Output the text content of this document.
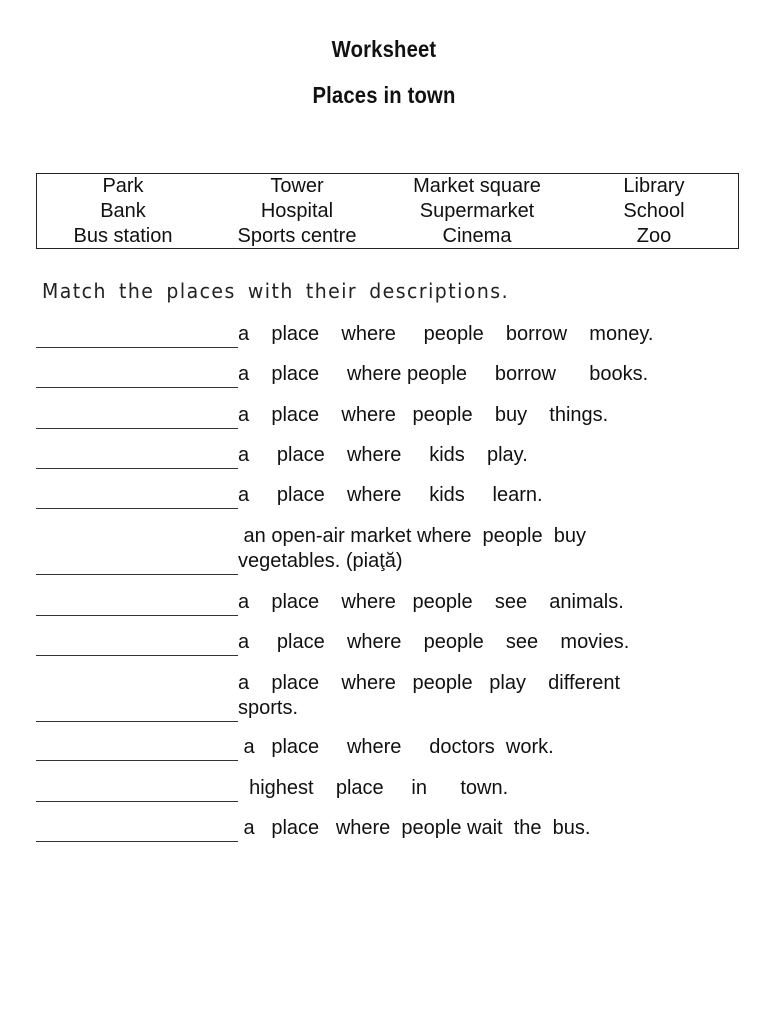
Worksheet
Places in town
Park	Tower	Market square	Library
Bank	Hospital	Supermarket	School
Bus station	Sports centre	Cinema	Zoo
Match the places with their descriptions.
a    place    where     people    borrow    money.
a    place     where people     borrow      books.
a    place    where   people    buy    things.
a     place    where     kids    play.
a     place    where     kids     learn.
an open-air market where  people  buy
vegetables. (piaţă)
a    place    where   people    see    animals.
a     place    where    people    see    movies.
a    place    where   people   play    different
sports.
a   place     where     doctors  work.
highest    place     in      town.
a   place   where  people wait  the  bus.
